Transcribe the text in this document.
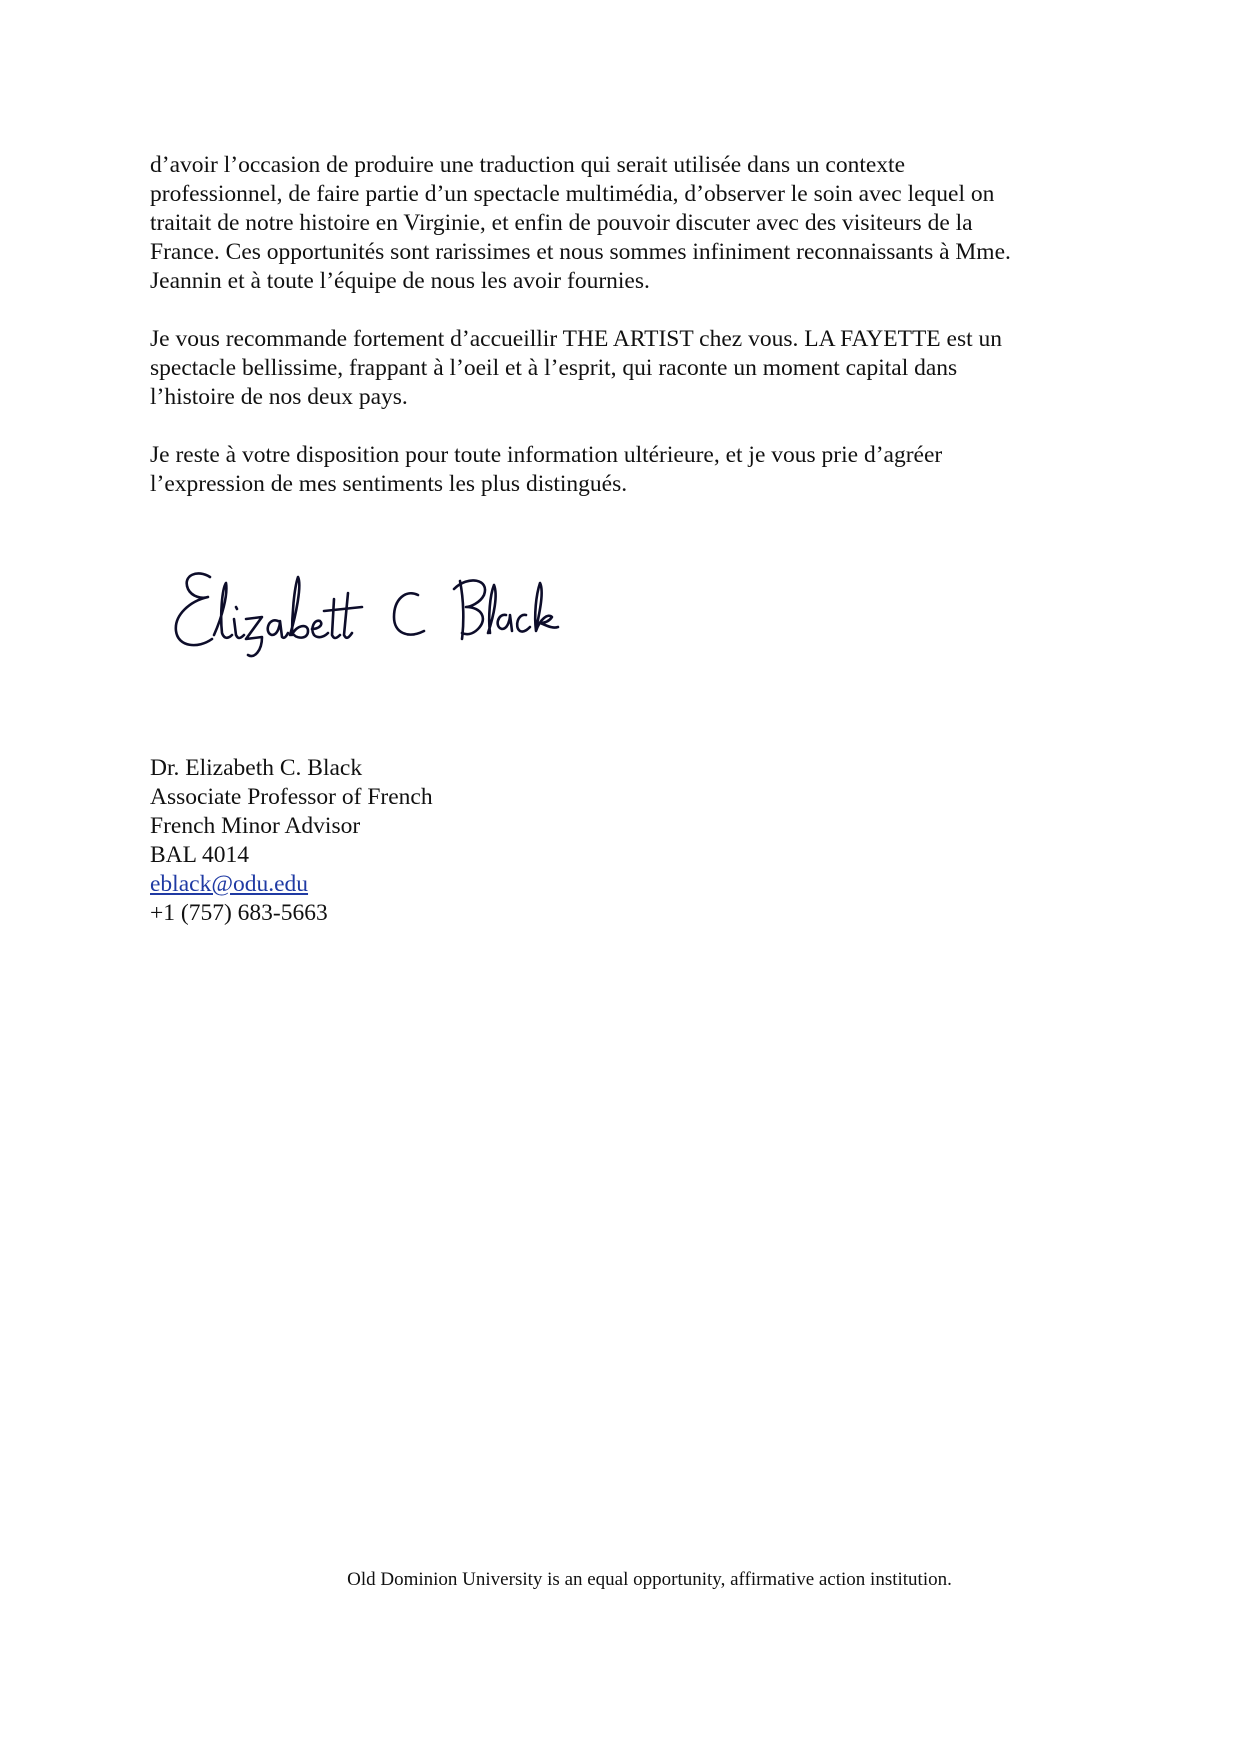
d’avoir l’occasion de produire une traduction qui serait utilisée dans un contexte
professionnel, de faire partie d’un spectacle multimédia, d’observer le soin avec lequel on
traitait de notre histoire en Virginie, et enfin de pouvoir discuter avec des visiteurs de la
France. Ces opportunités sont rarissimes et nous sommes infiniment reconnaissants à Mme.
Jeannin et à toute l’équipe de nous les avoir fournies.

Je vous recommande fortement d’accueillir THE ARTIST chez vous. LA FAYETTE est un
spectacle bellissime, frappant à l’oeil et à l’esprit, qui raconte un moment capital dans
l’histoire de nos deux pays.

Je reste à votre disposition pour toute information ultérieure, et je vous prie d’agréer
l’expression de mes sentiments les plus distingués.

Dr. Elizabeth C. Black
Associate Professor of French
French Minor Advisor
BAL 4014
eblack@odu.edu
+1 (757) 683-5663
Old Dominion University is an equal opportunity, affirmative action institution.
